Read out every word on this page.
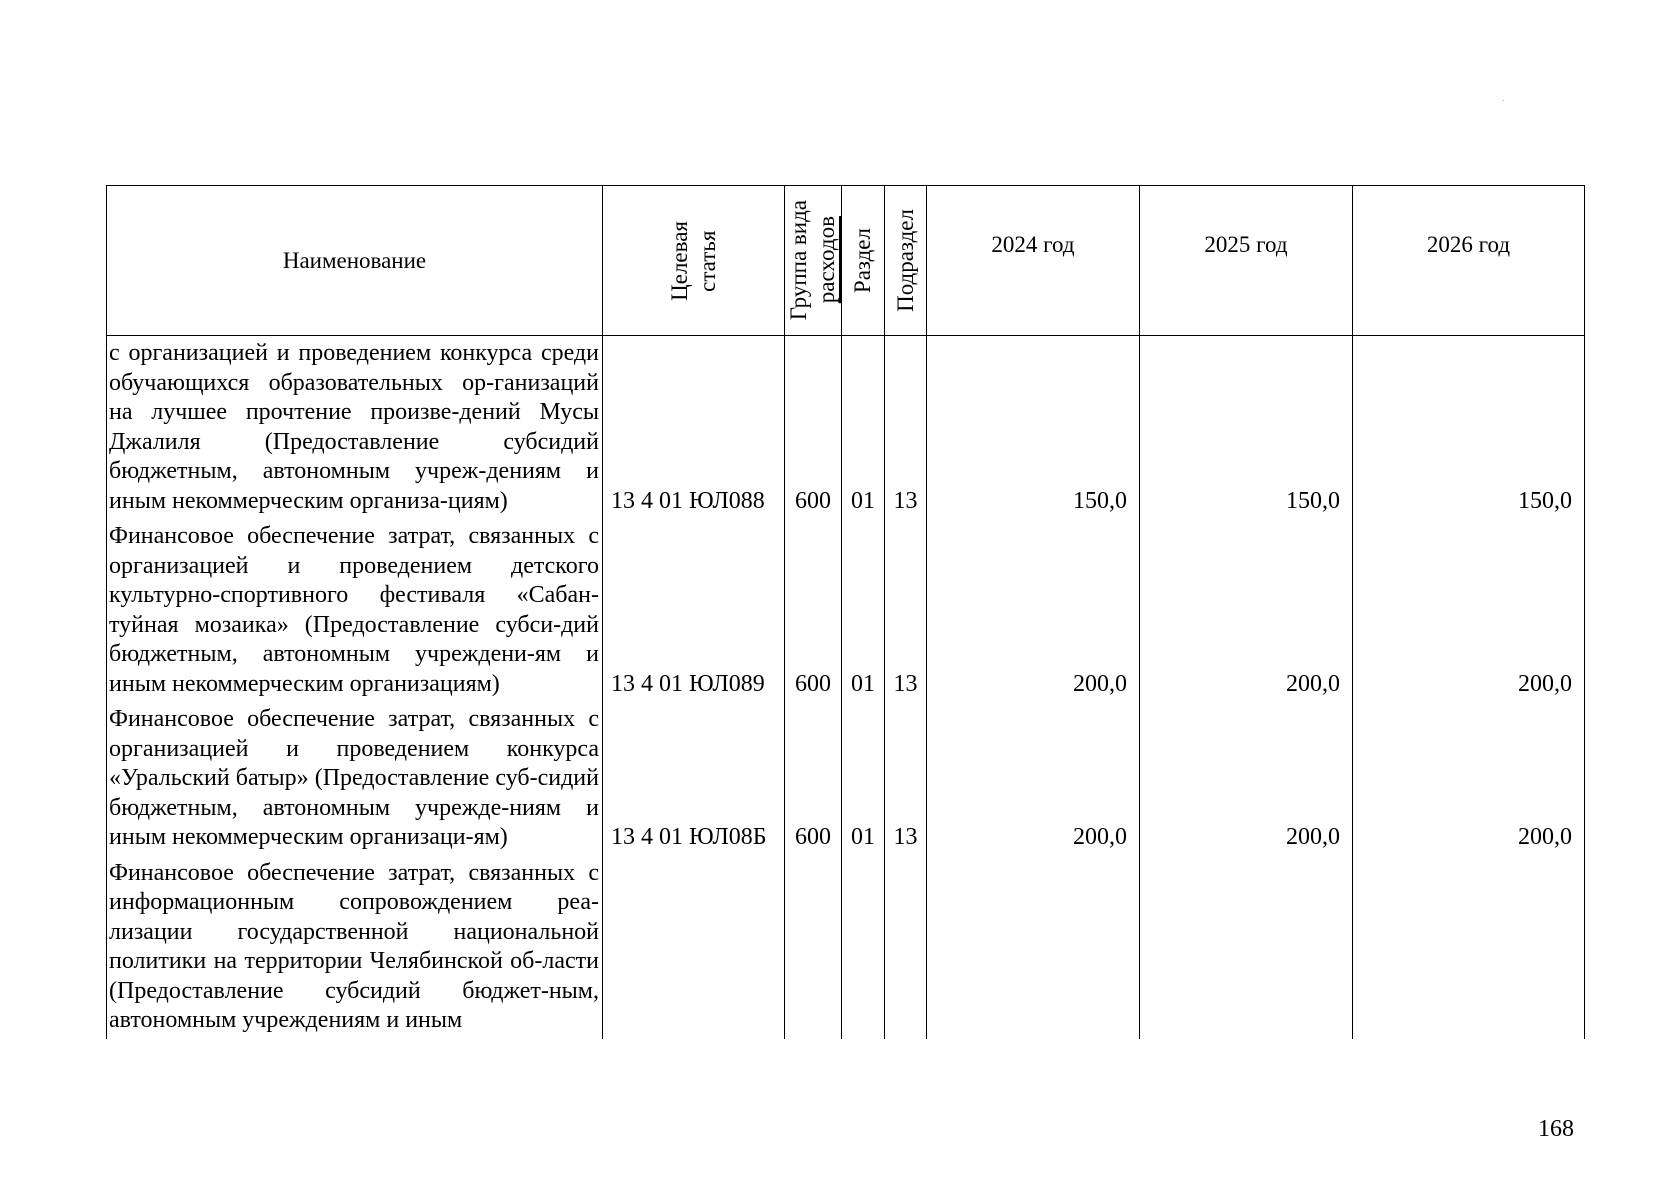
Наименование	Целевая статья	Группа вида расходов	Раздел	Подраздел	2024 год	2025 год	2026 год

с организацией и проведением конкурса среди обучающихся образовательных ор-ганизаций на лучшее прочтение произве-дений Мусы Джалиля (Предоставление субсидий бюджетным, автономным учреж-дениям и иным некоммерческим организа-циям)	13 4 01 ЮЛ088	600	01	13	150,0	150,0	150,0
Финансовое обеспечение затрат, связанных с организацией и проведением детского культурно-спортивного фестиваля «Сабан-туйная мозаика» (Предоставление субси-дий бюджетным, автономным учреждени-ям и иным некоммерческим организациям)	13 4 01 ЮЛ089	600	01	13	200,0	200,0	200,0
Финансовое обеспечение затрат, связанных с организацией и проведением конкурса «Уральский батыр» (Предоставление суб-сидий бюджетным, автономным учрежде-ниям и иным некоммерческим организаци-ям)	13 4 01 ЮЛ08Б	600	01	13	200,0	200,0	200,0
Финансовое обеспечение затрат, связанных с информационным сопровождением реа-лизации государственной национальной политики на территории Челябинской об-ласти (Предоставление субсидий бюджет-ным, автономным учреждениям и иным							
168
